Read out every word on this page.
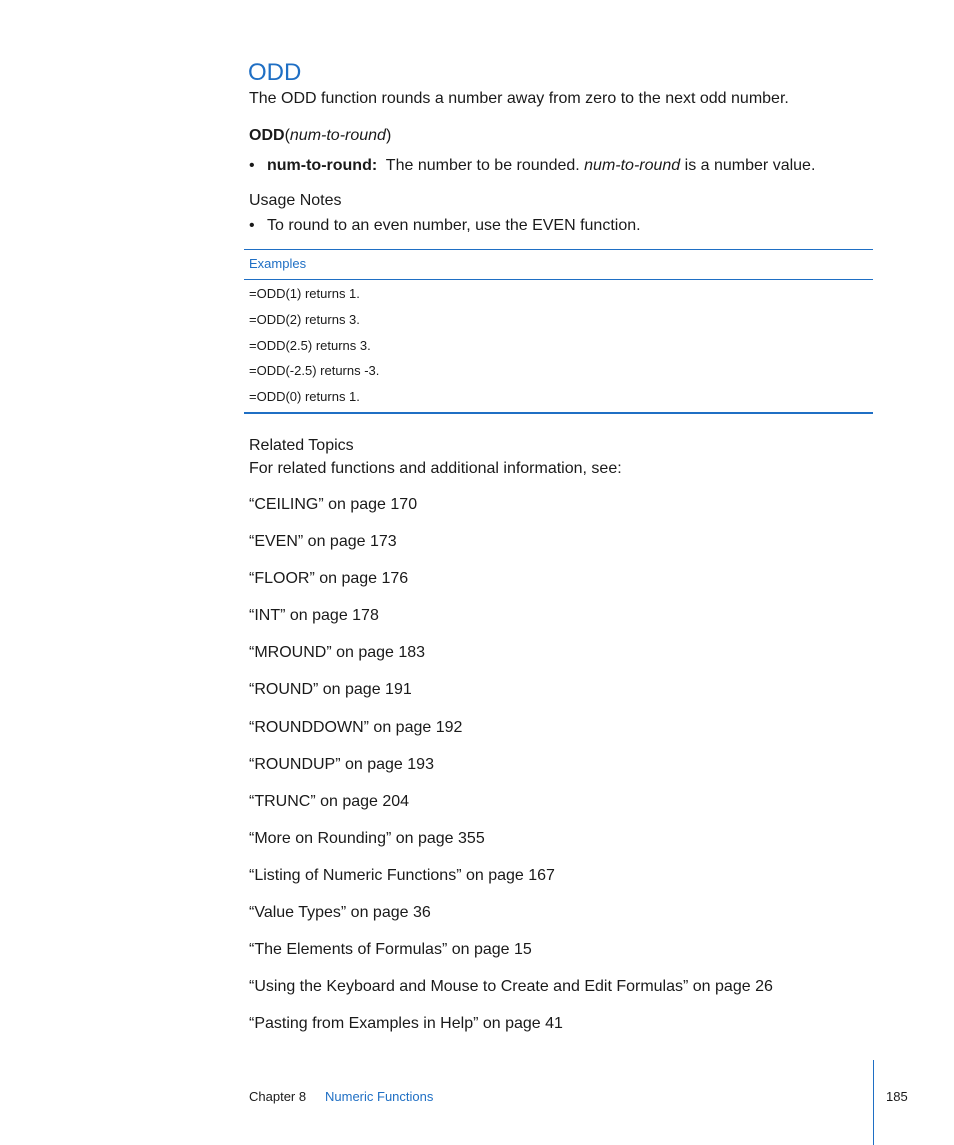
ODD

The ODD function rounds a number away from zero to the next odd number.

ODD(num-to-round)

• num-to-round: The number to be rounded. num-to-round is a number value.

Usage Notes

• To round to an even number, use the EVEN function.

Examples
=ODD(1) returns 1.
=ODD(2) returns 3.
=ODD(2.5) returns 3.
=ODD(-2.5) returns -3.
=ODD(0) returns 1.
Related Topics

For related functions and additional information, see:

“CEILING” on page 170
“EVEN” on page 173
“FLOOR” on page 176
“INT” on page 178
“MROUND” on page 183
“ROUND” on page 191
“ROUNDDOWN” on page 192
“ROUNDUP” on page 193
“TRUNC” on page 204
“More on Rounding” on page 355
“Listing of Numeric Functions” on page 167
“Value Types” on page 36
“The Elements of Formulas” on page 15
“Using the Keyboard and Mouse to Create and Edit Formulas” on page 26
“Pasting from Examples in Help” on page 41
Chapter 8 Numeric Functions	185
